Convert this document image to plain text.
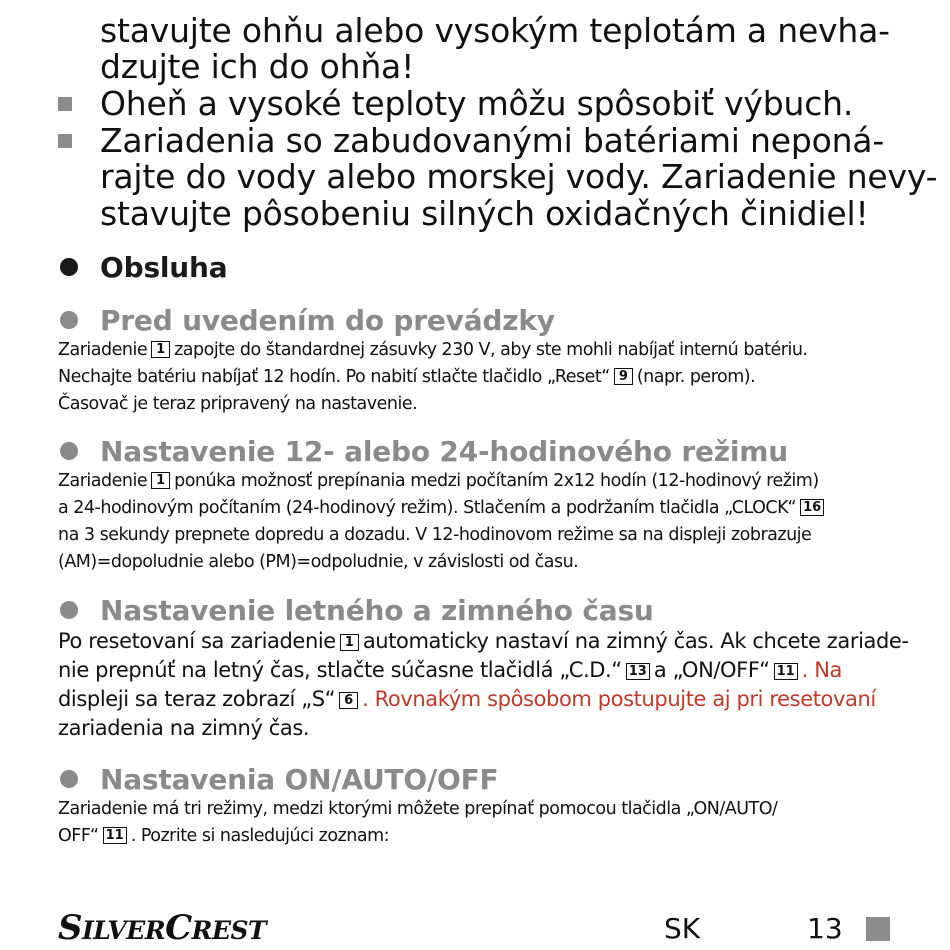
stavujte ohňu alebo vysokým teplotám a nevha-
dzujte ich do ohňa!
Oheň a vysoké teploty môžu spôsobiť výbuch.
Zariadenia so zabudovanými batériami neponá-
rajte do vody alebo morskej vody. Zariadenie nevy-
stavujte pôsobeniu silných oxidačných činidiel!
Obsluha
Pred uvedením do prevádzky
Zariadenie 1 zapojte do štandardnej zásuvky 230 V, aby ste mohli nabíjať internú batériu.
Nechajte batériu nabíjať 12 hodín. Po nabití stlačte tlačidlo „Reset“ 9 (napr. perom).
Časovač je teraz pripravený na nastavenie.
Nastavenie 12- alebo 24-hodinového režimu
Zariadenie 1 ponúka možnosť prepínania medzi počítaním 2x12 hodín (12-hodinový režim)
a 24-hodinovým počítaním (24-hodinový režim). Stlačením a podržaním tlačidla „CLOCK“ 16
na 3 sekundy prepnete dopredu a dozadu. V 12-hodinovom režime sa na displeji zobrazuje
(AM)=dopoludnie alebo (PM)=odpoludnie, v závislosti od času.
Nastavenie letného a zimného času
Po resetovaní sa zariadenie 1 automaticky nastaví na zimný čas. Ak chcete zariade-
nie prepnúť na letný čas, stlačte súčasne tlačidlá „C.D.“ 13 a „ON/OFF“ 11 . Na
displeji sa teraz zobrazí „S“ 6 . Rovnakým spôsobom postupujte aj pri resetovaní
zariadenia na zimný čas.
Nastavenia ON/AUTO/OFF
Zariadenie má tri režimy, medzi ktorými môžete prepínať pomocou tlačidla „ON/AUTO/
OFF“ 11 . Pozrite si nasledujúci zoznam:
SILVERCREST	SK	13
